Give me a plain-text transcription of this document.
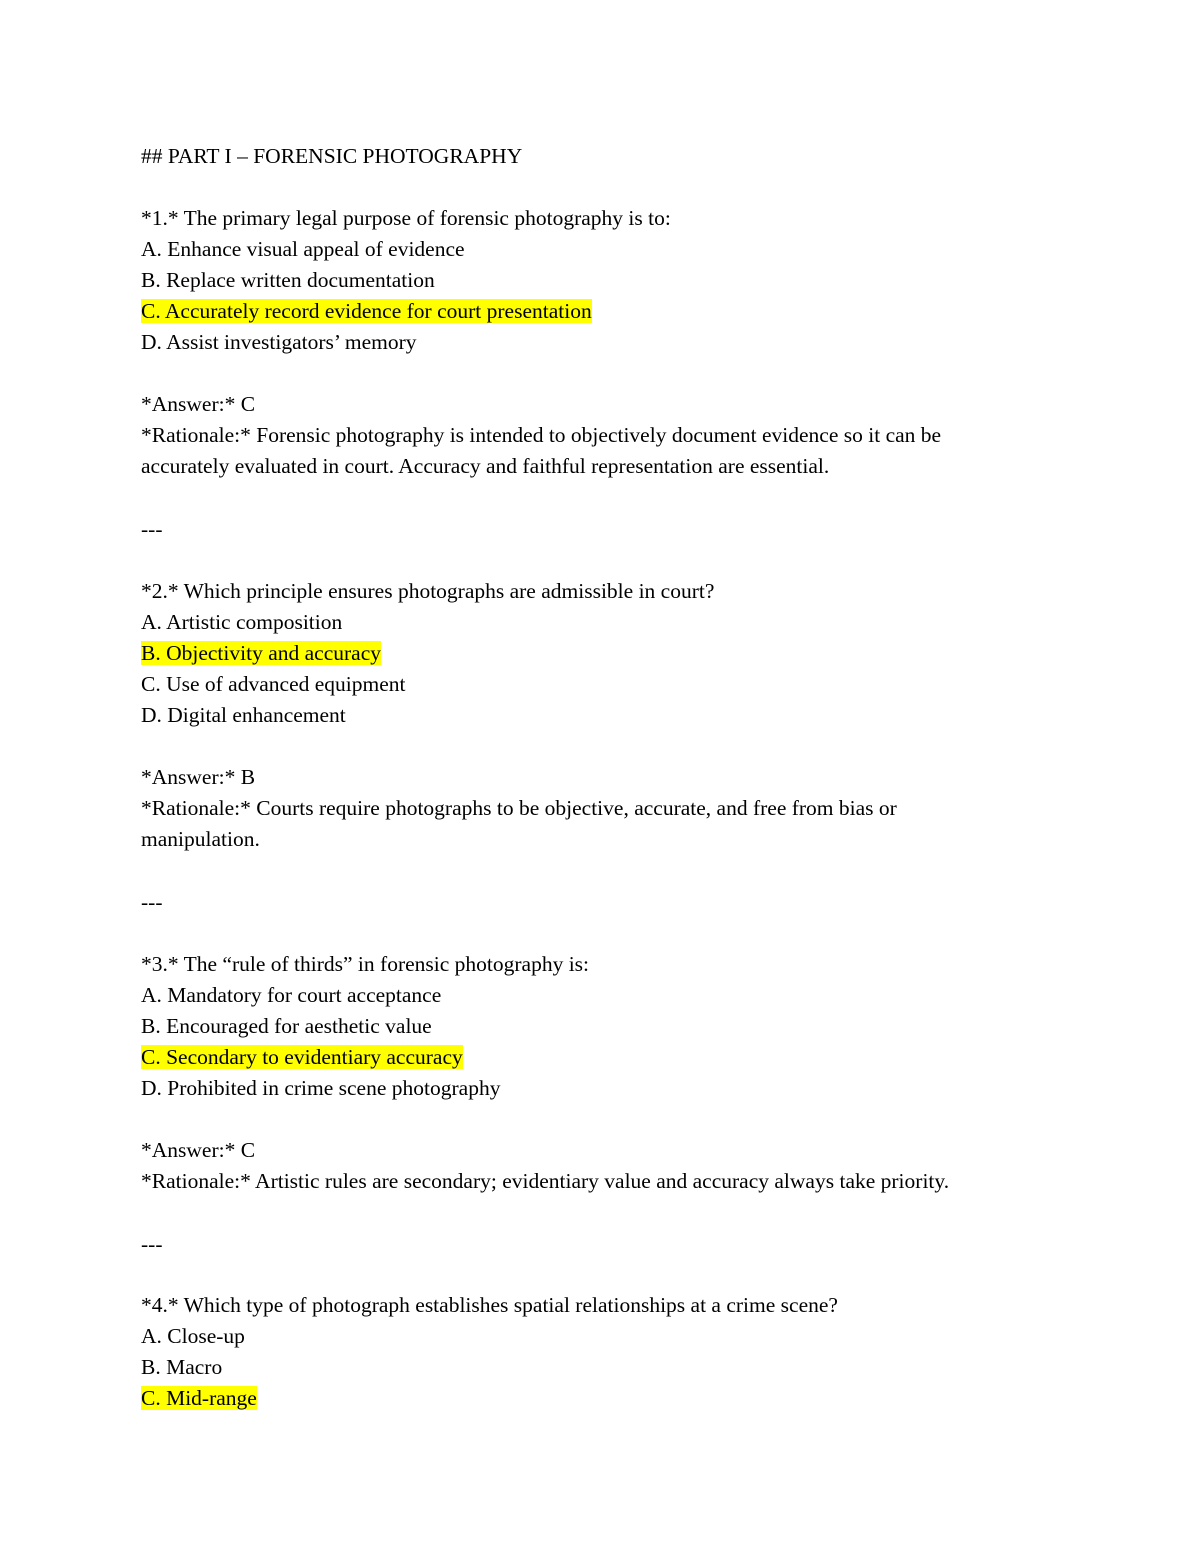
## PART I – FORENSIC PHOTOGRAPHY

*1.* The primary legal purpose of forensic photography is to:

A. Enhance visual appeal of evidence

B. Replace written documentation

C. Accurately record evidence for court presentation

D. Assist investigators’ memory

*Answer:* C

*Rationale:* Forensic photography is intended to objectively document evidence so it can be

accurately evaluated in court. Accuracy and faithful representation are essential.

---

*2.* Which principle ensures photographs are admissible in court?

A. Artistic composition

B. Objectivity and accuracy

C. Use of advanced equipment

D. Digital enhancement

*Answer:* B

*Rationale:* Courts require photographs to be objective, accurate, and free from bias or

manipulation.

---

*3.* The “rule of thirds” in forensic photography is:

A. Mandatory for court acceptance

B. Encouraged for aesthetic value

C. Secondary to evidentiary accuracy

D. Prohibited in crime scene photography

*Answer:* C

*Rationale:* Artistic rules are secondary; evidentiary value and accuracy always take priority.

---

*4.* Which type of photograph establishes spatial relationships at a crime scene?

A. Close-up

B. Macro

C. Mid-range
